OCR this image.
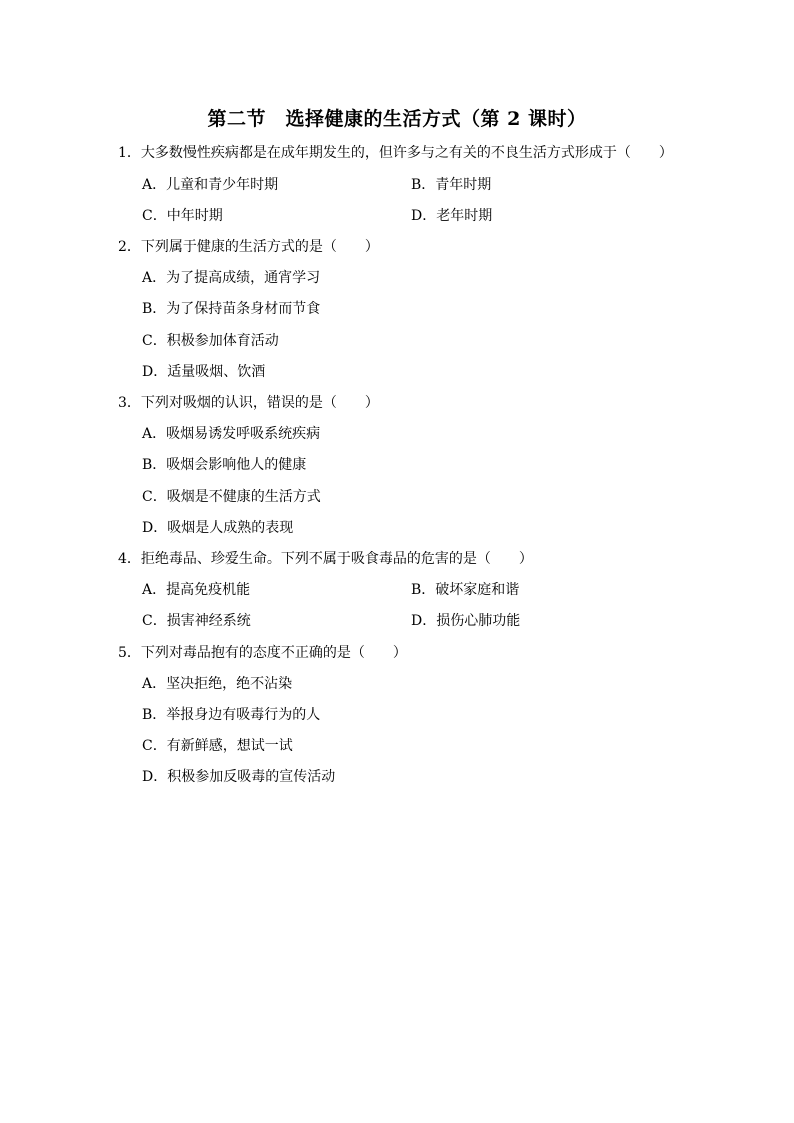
第二节　选择健康的生活方式（第 2 课时）
1．大多数慢性疾病都是在成年期发生的，但许多与之有关的不良生活方式形成于（　　）
A．儿童和青少年时期	B．青年时期
C．中年时期	D．老年时期
2．下列属于健康的生活方式的是（　　）
A．为了提高成绩，通宵学习
B．为了保持苗条身材而节食
C．积极参加体育活动
D．适量吸烟、饮酒
3．下列对吸烟的认识，错误的是（　　）
A．吸烟易诱发呼吸系统疾病
B．吸烟会影响他人的健康
C．吸烟是不健康的生活方式
D．吸烟是人成熟的表现
4．拒绝毒品、珍爱生命。下列不属于吸食毒品的危害的是（　　）
A．提高免疫机能	B．破坏家庭和谐
C．损害神经系统	D．损伤心肺功能
5．下列对毒品抱有的态度不正确的是（　　）
A．坚决拒绝，绝不沾染
B．举报身边有吸毒行为的人
C．有新鲜感，想试一试
D．积极参加反吸毒的宣传活动
